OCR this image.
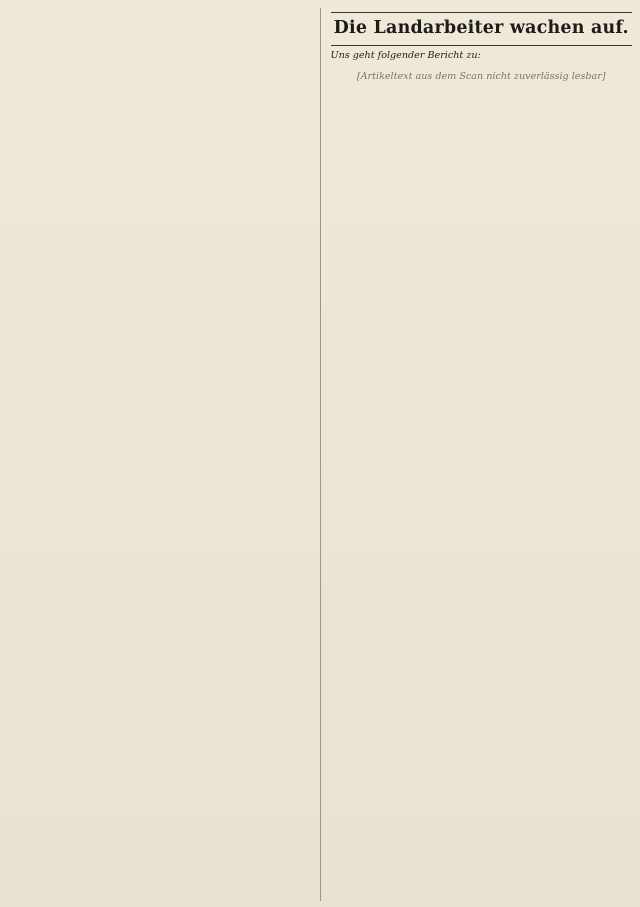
Die Landarbeiter wachen auf.
Uns geht folgender Bericht zu:
[Artikeltext aus dem Scan nicht zuverlässig lesbar]
